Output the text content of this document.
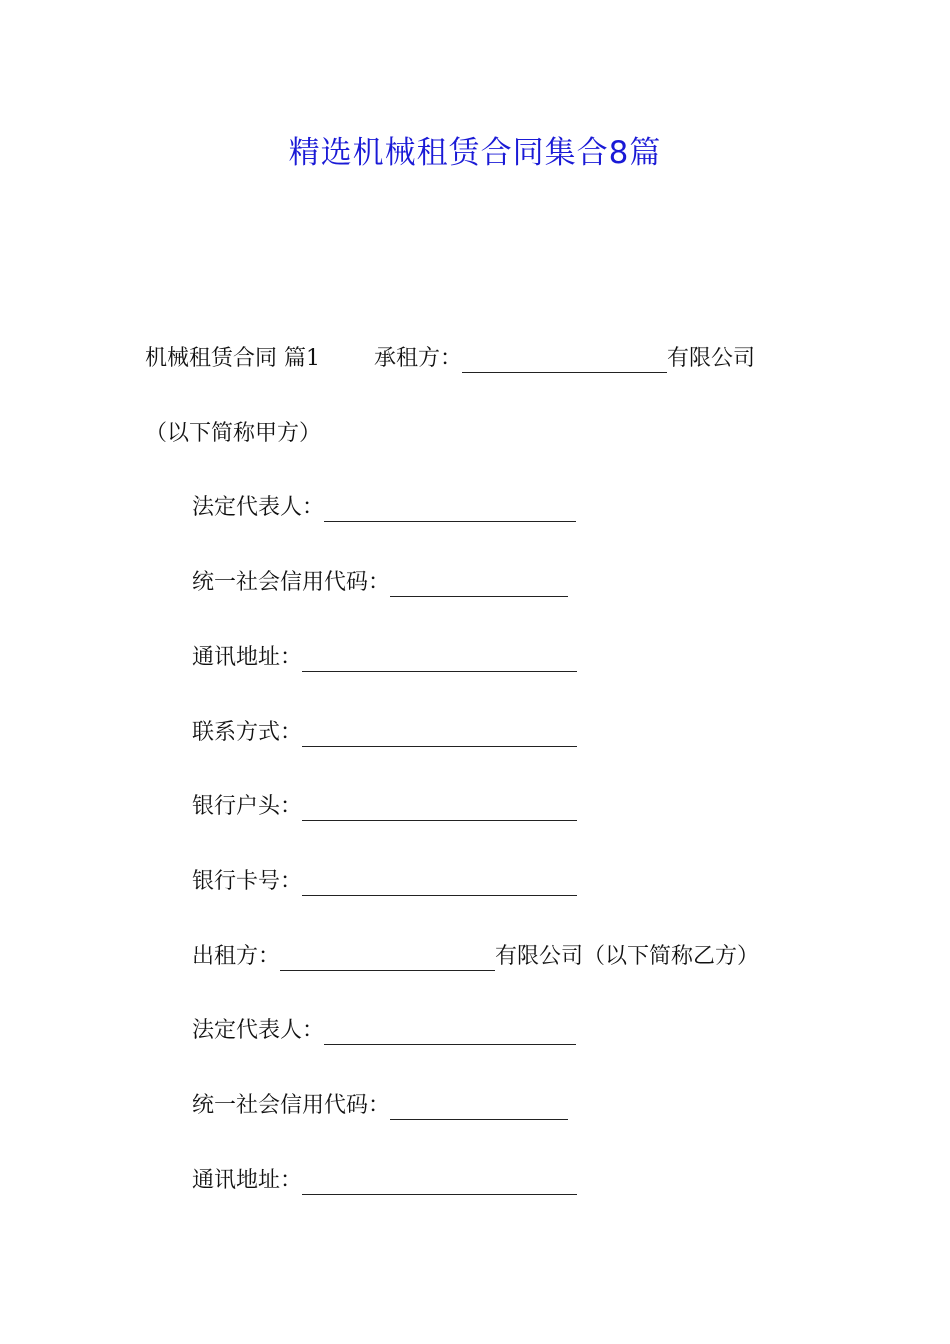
精选机械租赁合同集合8篇
机械租赁合同 篇1 承租方：	有限公司
（以下简称甲方）
法定代表人：
统一社会信用代码：
通讯地址：
联系方式：
银行户头：
银行卡号：
出租方：	有限公司（以下简称乙方）
法定代表人：
统一社会信用代码：
通讯地址：
